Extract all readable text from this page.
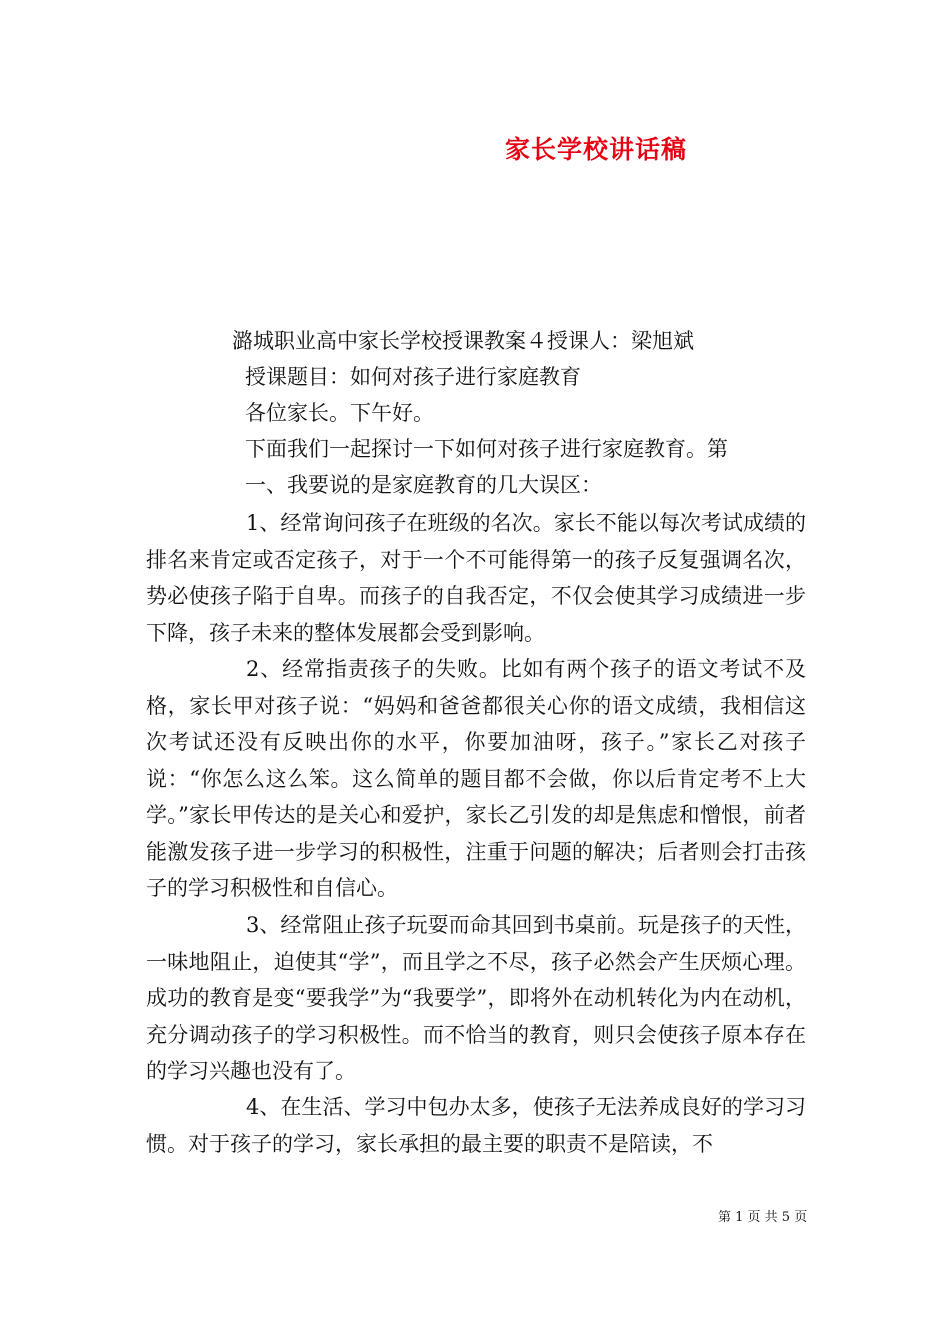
家长学校讲话稿
潞城职业高中家长学校授课教案４授课人：梁旭斌
授课题目：如何对孩子进行家庭教育
各位家长。下午好。
下面我们一起探讨一下如何对孩子进行家庭教育。第
一、我要说的是家庭教育的几大误区：
1、经常询问孩子在班级的名次。家长不能以每次考试成绩的排名来肯定或否定孩子，对于一个不可能得第一的孩子反复强调名次，势必使孩子陷于自卑。而孩子的自我否定，不仅会使其学习成绩进一步下降，孩子未来的整体发展都会受到影响。
2、经常指责孩子的失败。比如有两个孩子的语文考试不及格，家长甲对孩子说：“妈妈和爸爸都很关心你的语文成绩，我相信这次考试还没有反映出你的水平，你要加油呀，孩子。”家长乙对孩子说：“你怎么这么笨。这么简单的题目都不会做，你以后肯定考不上大学。”家长甲传达的是关心和爱护，家长乙引发的却是焦虑和憎恨，前者能激发孩子进一步学习的积极性，注重于问题的解决；后者则会打击孩子的学习积极性和自信心。
3、经常阻止孩子玩耍而命其回到书桌前。玩是孩子的天性，一味地阻止，迫使其“学”，而且学之不尽，孩子必然会产生厌烦心理。成功的教育是变“要我学”为“我要学”，即将外在动机转化为内在动机，充分调动孩子的学习积极性。而不恰当的教育，则只会使孩子原本存在的学习兴趣也没有了。
4、在生活、学习中包办太多，使孩子无法养成良好的学习习惯。对于孩子的学习，家长承担的最主要的职责不是陪读，不
第 1 页 共 5 页
